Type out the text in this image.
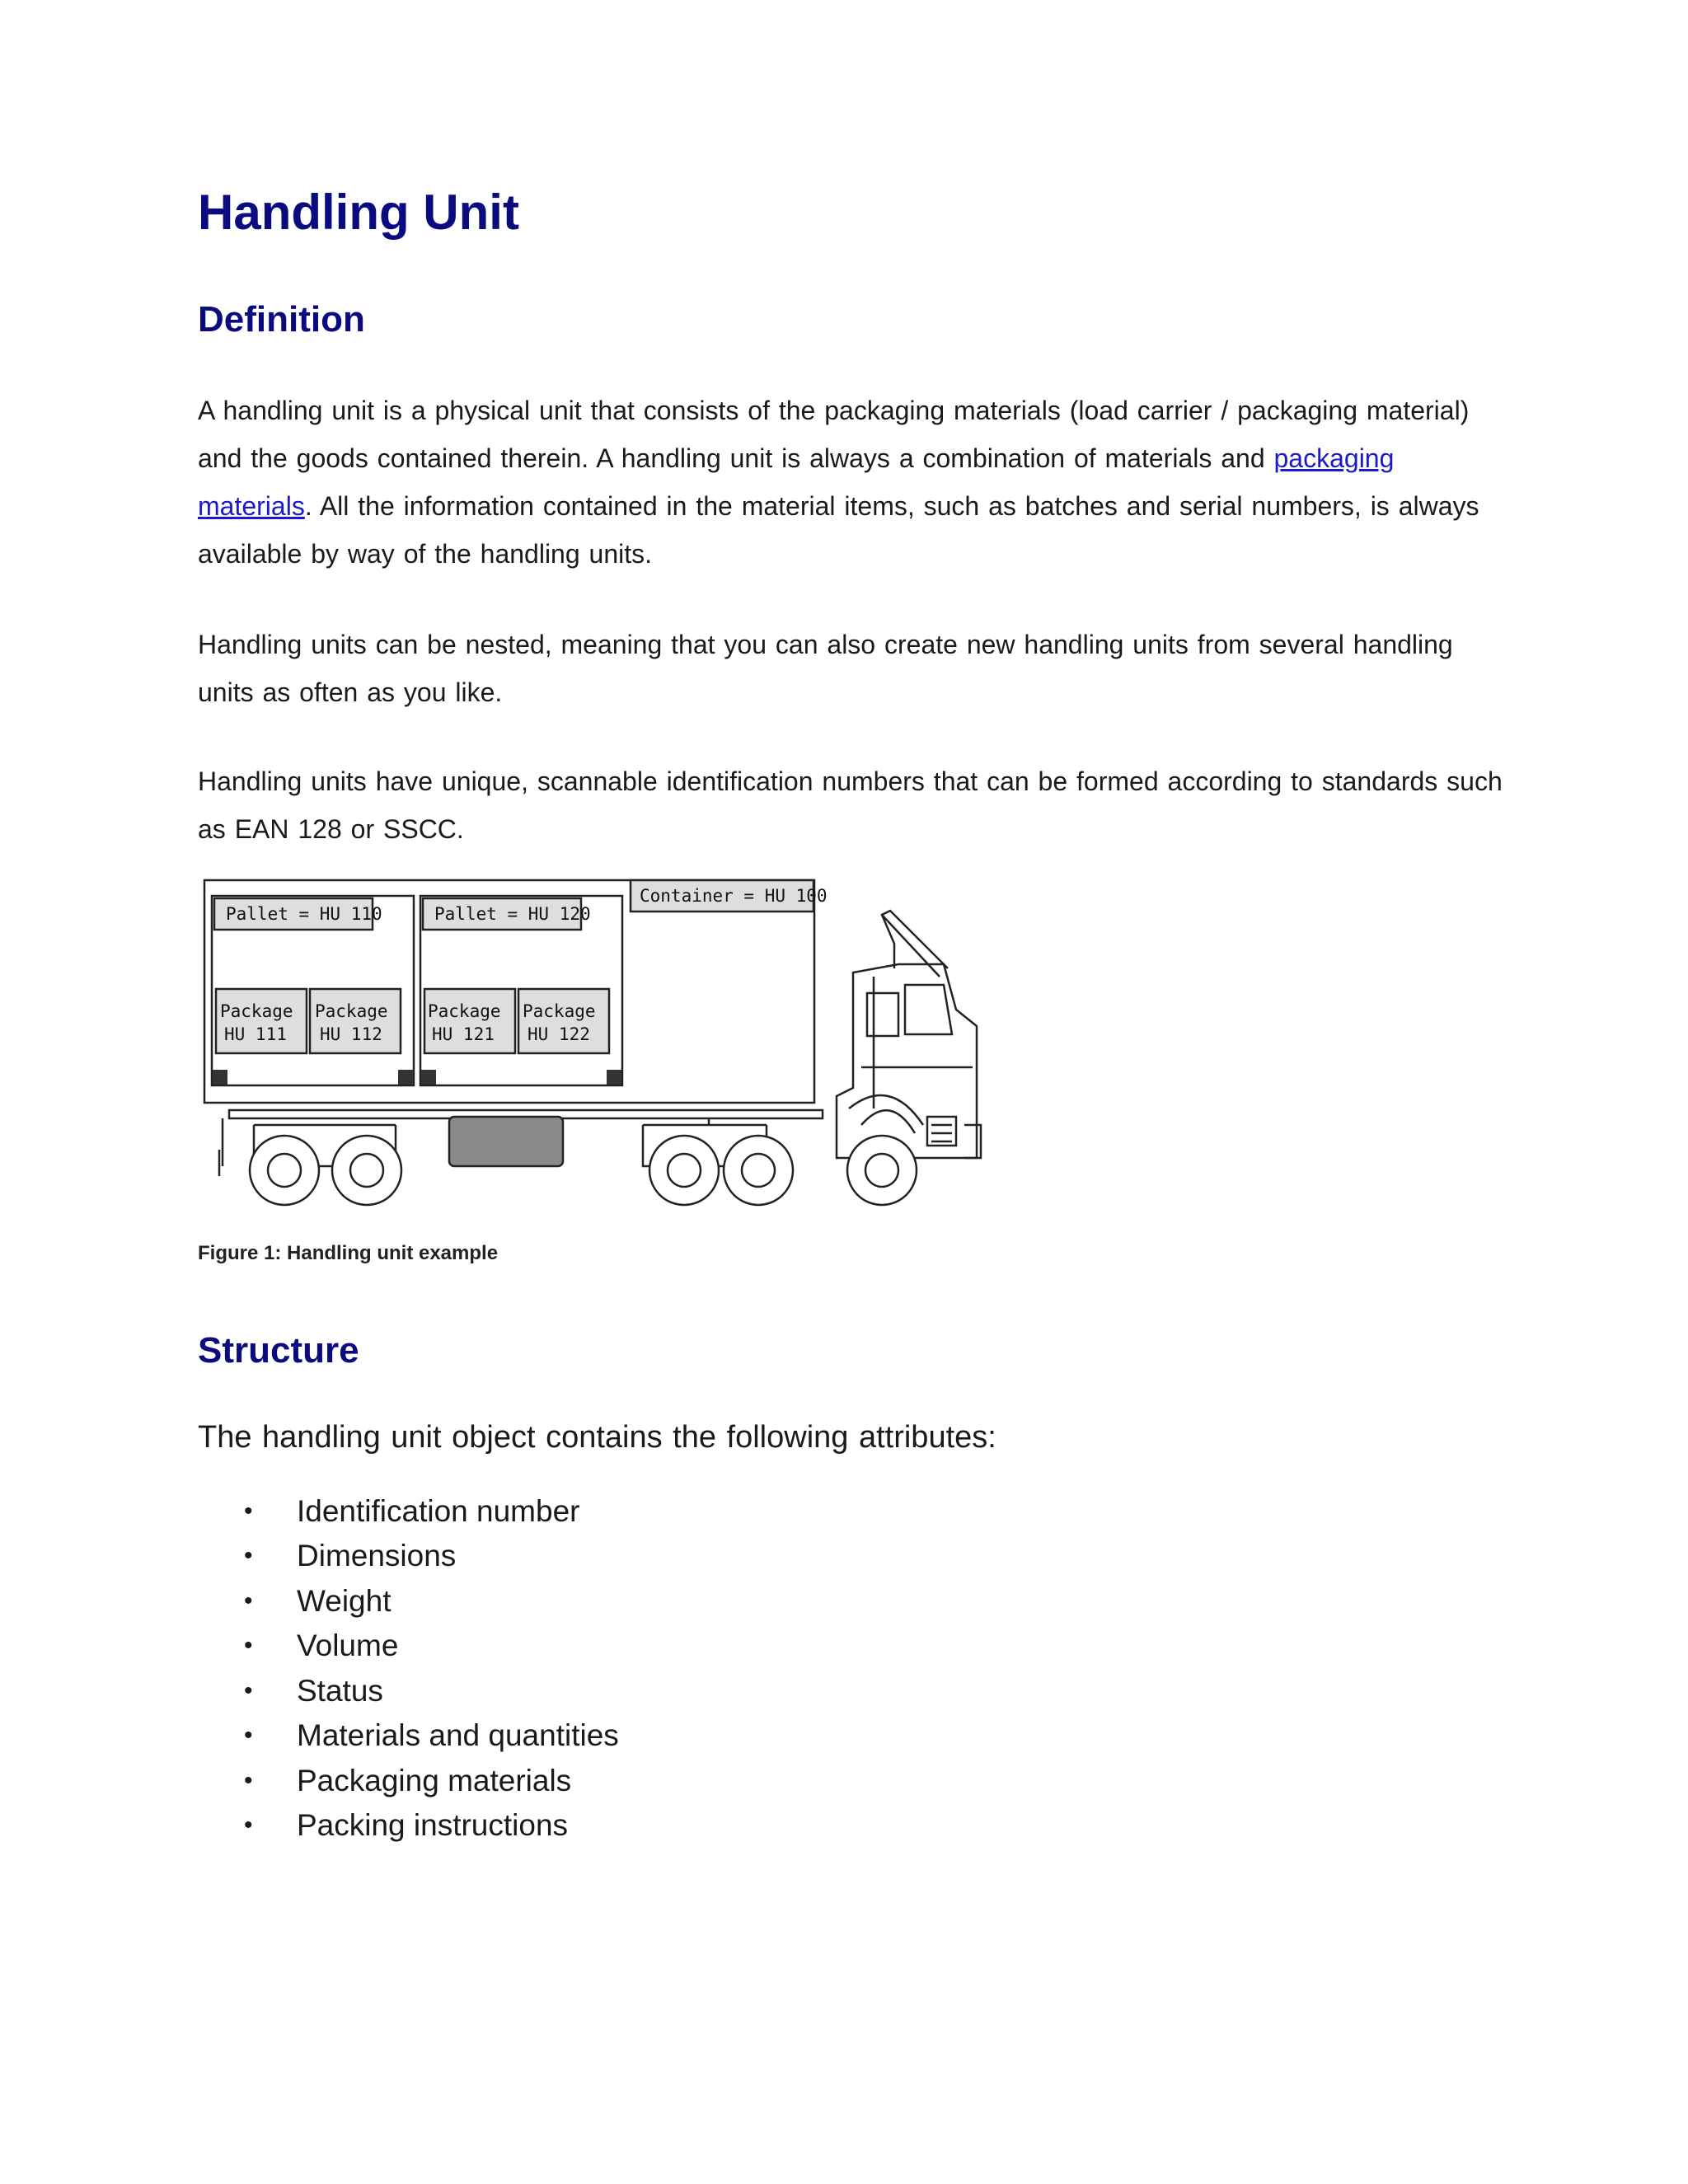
Handling Unit
Definition

A handling unit is a physical unit that consists of the packaging materials (load carrier / packaging material) and the goods contained therein. A handling unit is always a combination of materials and packaging materials. All the information contained in the material items, such as batches and serial numbers, is always available by way of the handling units.

Handling units can be nested, meaning that you can also create new handling units from several handling units as often as you like.

Handling units have unique, scannable identification numbers that can be formed according to standards such as EAN 128 or SSCC.

Container = HU 100
Pallet = HU 110	Pallet = HU 120
Package
HU 111
Package
HU 112
Package
HU 121
Package
HU 122
Figure 1: Handling unit example
Structure

The handling unit object contains the following attributes:

• Identification number
• Dimensions
• Weight
• Volume
• Status
• Materials and quantities
• Packaging materials
• Packing instructions
